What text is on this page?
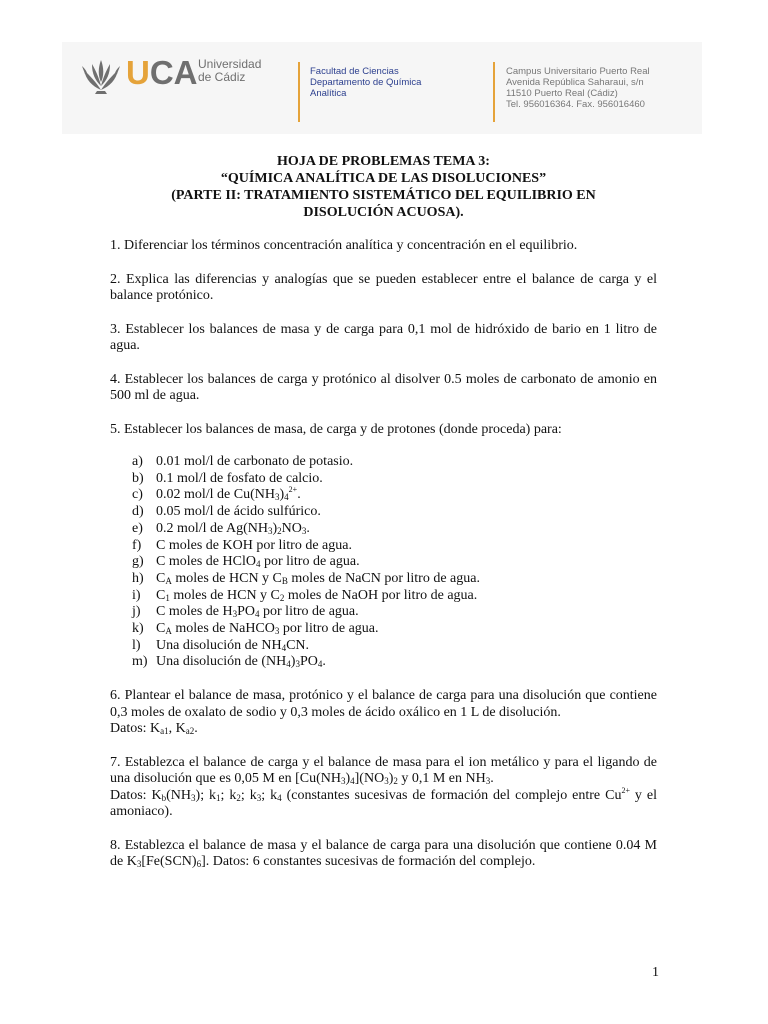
UCA Universidad
de Cádiz	Facultad de Ciencias
Departamento de Química
Analítica
Campus Universitario Puerto Real
Avenida República Saharaui, s/n
11510 Puerto Real (Cádiz)
Tel. 956016364. Fax. 956016460
HOJA DE PROBLEMAS TEMA 3:
“QUÍMICA ANALÍTICA DE LAS DISOLUCIONES”
(PARTE II: TRATAMIENTO SISTEMÁTICO DEL EQUILIBRIO EN
DISOLUCIÓN ACUOSA).

1. Diferenciar los términos concentración analítica y concentración en el equilibrio.

2. Explica las diferencias y analogías que se pueden establecer entre el balance de carga y el balance protónico.

3. Establecer los balances de masa y de carga para 0,1 mol de hidróxido de bario en 1 litro de agua.

4. Establecer los balances de carga y protónico al disolver 0.5 moles de carbonato de amonio en 500 ml de agua.

5. Establecer los balances de masa, de carga y de protones (donde proceda) para:

a) 0.01 mol/l de carbonato de potasio.
b) 0.1 mol/l de fosfato de calcio.
c) 0.02 mol/l de $Cu(NH_3)_4^{2+}$.
d) 0.05 mol/l de ácido sulfúrico.
e) 0.2 mol/l de $Ag(NH_3)_2NO_3$.
f) C moles de KOH por litro de agua.
g) C moles de HClO$_4$ por litro de agua.
h) $C_A$ moles de HCN y $C_B$ moles de NaCN por litro de agua.
i) $C_1$ moles de HCN y $C_2$ moles de NaOH por litro de agua.
j) C moles de $H_3PO_4$ por litro de agua.
k) $C_A$ moles de NaHCO$_3$ por litro de agua.
l) Una disolución de $NH_4CN$.
m) Una disolución de $(NH_4)_3PO_4$.
6. Plantear el balance de masa, protónico y el balance de carga para una disolución que contiene 0,3 moles de oxalato de sodio y 0,3 moles de ácido oxálico en 1 L de disolución.
Datos: $K_{a1}$, $K_{a2}$.
7. Establezca el balance de carga y el balance de masa para el ion metálico y para el ligando de una disolución que es 0,05 M en $[Cu(NH_3)_4](NO_3)_2$ y 0,1 M en $NH_3$.
Datos: $K_b(NH_3)$; $k_1$; $k_2$; $k_3$; $k_4$ (constantes sucesivas de formación del complejo entre $Cu^{2+}$ y el amoniaco).
8. Establezca el balance de masa y el balance de carga para una disolución que contiene 0.04 M de $K_3[Fe(SCN)_6]$. Datos: 6 constantes sucesivas de formación del complejo.
1
